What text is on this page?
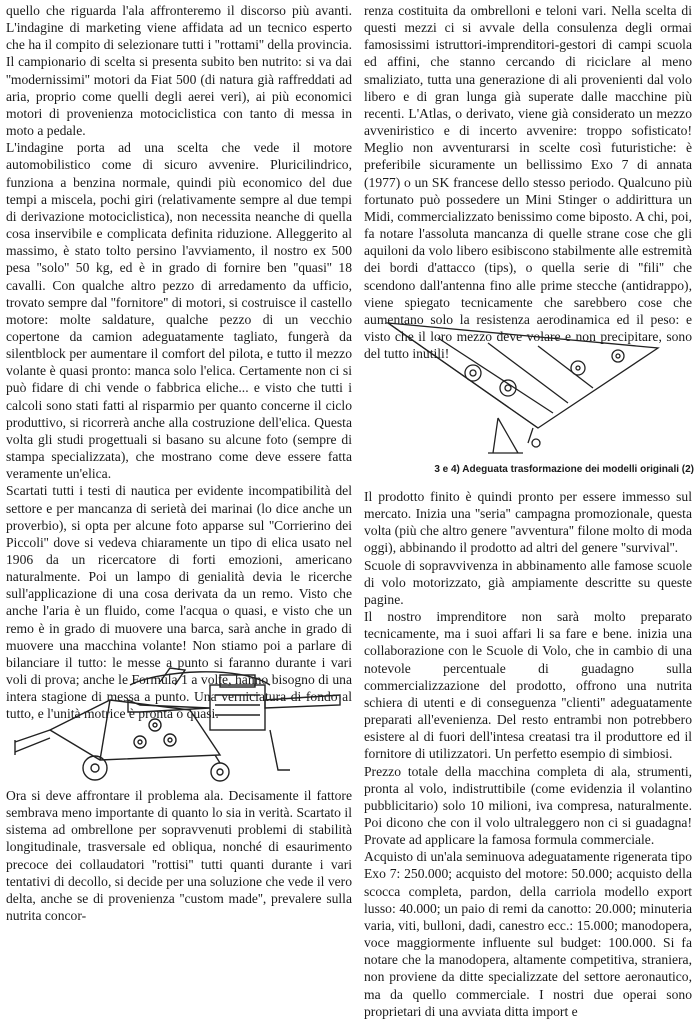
quello che riguarda l'ala affronteremo il discorso più avanti. L'indagine di marketing viene affidata ad un tecnico esperto che ha il compito di selezionare tutti i ''rottami'' della provincia. Il campionario di scelta si presenta subito ben nutrito: si va dai ''modernissimi'' motori da Fiat 500 (di natura già raffreddati ad aria, proprio come quelli degli aerei veri), ai più economici motori di provenienza motociclistica con tanto di messa in moto a pedale.

L'indagine porta ad una scelta che vede il motore automobilistico come di sicuro avvenire. Pluricilindrico, funziona a benzina normale, quindi più economico del due tempi a miscela, pochi giri (relativamente sempre al due tempi di derivazione motociclistica), non necessita neanche di quella cosa inservibile e complicata definita riduzione. Alleggerito al massimo, è stato tolto persino l'avviamento, il nostro ex 500 pesa ''solo'' 50 kg, ed è in grado di fornire ben ''quasi'' 18 cavalli. Con qualche altro pezzo di arredamento da ufficio, trovato sempre dal ''fornitore'' di motori, si costruisce il castello motore: molte saldature, qualche pezzo di un vecchio copertone da camion adeguatamente tagliato, fungerà da silentblock per aumentare il comfort del pilota, e tutto il mezzo volante è quasi pronto: manca solo l'elica. Certamente non ci si può fidare di chi vende o fabbrica eliche... e visto che tutti i calcoli sono stati fatti al risparmio per quanto concerne il ciclo produttivo, si ricorrerà anche alla costruzione dell'elica. Questa volta gli studi progettuali si basano su alcune foto (sempre di stampa specializzata), che mostrano come deve essere fatta veramente un'elica.

Scartati tutti i testi di nautica per evidente incompatibilità del settore e per mancanza di serietà dei marinai (lo dice anche un proverbio), si opta per alcune foto apparse sul ''Corrierino dei Piccoli'' dove si vedeva chiaramente un tipo di elica usato nel 1906 da un ricercatore di forti emozioni, americano naturalmente. Poi un lampo di genialità devia le ricerche sull'applicazione di una cosa derivata da un remo. Visto che anche l'aria è un fluido, come l'acqua o quasi, e visto che un remo è in grado di muovere una barca, sarà anche in grado di muovere una macchina volante! Non stiamo poi a parlare di bilanciare il tutto: le messe a punto si faranno durante i vari voli di prova; anche le Formula 1 a volte, hanno bisogno di una intera stagione di messa a punto. Una verniciatura di fondo al tutto, e l'unità motrice è pronta o quasi.

Ora si deve affrontare il problema ala. Decisamente il fattore sembrava meno importante di quanto lo sia in verità. Scartato il sistema ad ombrellone per sopravvenuti problemi di stabilità longitudinale, trasversale ed obliqua, nonché di esaurimento precoce dei collaudatori ''rottisi'' tutti quanti durante i vari tentativi di decollo, si decide per una soluzione che vede il vero delta, anche se di provenienza ''custom made'', prevalere sulla nutrita concor-

renza costituita da ombrelloni e teloni vari. Nella scelta di questi mezzi ci si avvale della consulenza degli ormai famosissimi istruttori-imprenditori-gestori di campi scuola ed affini, che stanno cercando di riciclare al meno smaliziato, tutta una generazione di ali provenienti dal volo libero e di gran lunga già superate dalle macchine più recenti. L'Atlas, o derivato, viene già considerato un mezzo avveniristico e di incerto avvenire: troppo sofisticato! Meglio non avventurarsi in scelte così futuristiche: è preferibile sicuramente un bellissimo Exo 7 di annata (1977) o un SK francese dello stesso periodo. Qualcuno più fortunato può possedere un Mini Stinger o addirittura un Midi, commercializzato benissimo come biposto. A chi, poi, fa notare l'assoluta mancanza di quelle strane cose che gli aquiloni da volo libero esibiscono stabilmente alle estremità dei bordi d'attacco (tips), o quella serie di ''fili'' che scendono dall'antenna fino alle prime stecche (antidrappo), viene spiegato tecnicamente che sarebbero cose che aumentano solo la resistenza aerodinamica ed il peso: e visto che il loro mezzo deve volare e non precipitare, sono del tutto inutili!

3 e 4) Adeguata trasformazione dei modelli originali (2)

Il prodotto finito è quindi pronto per essere immesso sul mercato. Inizia una ''seria'' campagna promozionale, questa volta (più che altro genere ''avventura'' filone molto di moda oggi), abbinando il prodotto ad altri del genere ''survival''.

Scuole di sopravvivenza in abbinamento alle famose scuole di volo motorizzato, già ampiamente descritte su queste pagine.

Il nostro imprenditore non sarà molto preparato tecnicamente, ma i suoi affari li sa fare e bene. inizia una collaborazione con le Scuole di Volo, che in cambio di una notevole percentuale di guadagno sulla commercializzazione del prodotto, offrono una nutrita schiera di utenti e di conseguenza ''clienti'' adeguatamente preparati all'evenienza. Del resto entrambi non potrebbero esistere al di fuori dell'intesa creatasi tra il produttore ed il fornitore di utilizzatori. Un perfetto esempio di simbiosi.

Prezzo totale della macchina completa di ala, strumenti, pronta al volo, indistruttibile (come evidenzia il volantino pubblicitario) solo 10 milioni, iva compresa, naturalmente. Poi dicono che con il volo ultraleggero non ci si guadagna! Provate ad applicare la famosa formula commerciale.

Acquisto di un'ala seminuova adeguatamente rigenerata tipo Exo 7: 250.000; acquisto del motore: 50.000; acquisto della scocca completa, pardon, della carriola modello export lusso: 40.000; un paio di remi da canotto: 20.000; minuteria varia, viti, bulloni, dadi, canestro ecc.: 15.000; manodopera, voce maggiormente influente sul budget: 100.000. Si fa notare che la manodopera, altamente competitiva, straniera, non proviene da ditte specializzate del settore aeronautico, ma da quello commerciale. I nostri due operai sono proprietari di una avviata ditta import e
